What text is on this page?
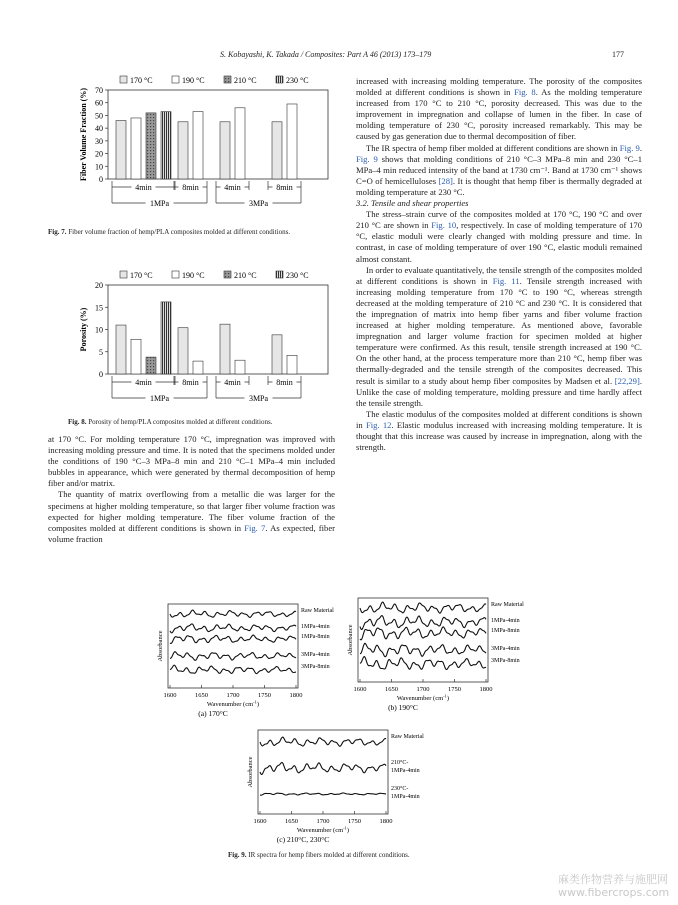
S. Kobayashi, K. Takada / Composites: Part A 46 (2013) 173–179	177
0
10
20
30
40
50
60
70
Fiber Volume Fraction (%)
170 °C	190 °C	210 °C	230 °C
4min	8min	4min	8min
1MPa	3MPa
Fig. 7. Fiber volume fraction of hemp/PLA composites molded at different conditions.
0
5
10
15
20
Porosity (%)
170 °C	190 °C	210 °C	230 °C
4min	8min	4min	8min
1MPa	3MPa
Fig. 8. Porosity of hemp/PLA composites molded at different conditions.

at 170 °C. For molding temperature 170 °C, impregnation was improved with increasing molding pressure and time. It is noted that the specimens molded under the conditions of 190 °C–3 MPa–8 min and 210 °C–1 MPa–4 min included bubbles in appearance, which were generated by thermal decomposition of hemp fiber and/or matrix.

The quantity of matrix overflowing from a metallic die was larger for the specimens at higher molding temperature, so that larger fiber volume fraction was expected for higher molding temperature. The fiber volume fraction of the composites molded at different conditions is shown in Fig. 7. As expected, fiber volume fraction

increased with increasing molding temperature. The porosity of the composites molded at different conditions is shown in Fig. 8. As the molding temperature increased from 170 °C to 210 °C, porosity decreased. This was due to the improvement in impregnation and collapse of lumen in the fiber. In case of molding temperature of 230 °C, porosity increased remarkably. This may be caused by gas generation due to thermal decomposition of fiber.

The IR spectra of hemp fiber molded at different conditions are shown in Fig. 9. Fig. 9 shows that molding conditions of 210 °C–3 MPa–8 min and 230 °C–1 MPa–4 min reduced intensity of the band at 1730 cm⁻¹. Band at 1730 cm⁻¹ shows C=O of hemicelluloses [28]. It is thought that hemp fiber is thermally degraded at molding temperature at 230 °C.

3.2. Tensile and shear properties

The stress–strain curve of the composites molded at 170 °C, 190 °C and over 210 °C are shown in Fig. 10, respectively. In case of molding temperature of 170 °C, elastic moduli were clearly changed with molding pressure and time. In contrast, in case of molding temperature of over 190 °C, elastic moduli remained almost constant.

In order to evaluate quantitatively, the tensile strength of the composites molded at different conditions is shown in Fig. 11. Tensile strength increased with increasing molding temperature from 170 °C to 190 °C, whereas strength decreased at the molding temperature of 210 °C and 230 °C. It is considered that the impregnation of matrix into hemp fiber yarns and fiber volume fraction increased at higher molding temperature. As mentioned above, favorable impregnation and larger volume fraction for specimen molded at higher temperature were confirmed. As this result, tensile strength increased at 190 °C. On the other hand, at the process temperature more than 210 °C, hemp fiber was thermally-degraded and the tensile strength of the composites decreased. This result is similar to a study about hemp fiber composites by Madsen et al. [22,29]. Unlike the case of molding temperature, molding pressure and time hardly affect the tensile strength.

The elastic modulus of the composites molded at different conditions is shown in Fig. 12. Elastic modulus increased with increasing molding temperature. It is thought that this increase was caused by increase in impregnation, along with the strength.

1600	1650	1700	1750	1800
Wavenumber $(cm^{-1})$
Absorbance
(a) 170°C
Raw Material
1MPa-4min
1MPa-8min
3MPa-4min
3MPa-8min
1600	1650	1700	1750	1800
Wavenumber $(cm^{-1})$
Absorbance
(b) 190°C
Raw Material
1MPa-4min
1MPa-8min
3MPa-4min
3MPa-8min
1600	1650	1700	1750	1800
Wavenumber $(cm^{-1})$
Absorbance
(c) 210°C, 230°C
Raw Material
210°C-
1MPa-4min
230°C-
1MPa-4min
Fig. 9. IR spectra for hemp fibers molded at different conditions.
麻类作物营养与施肥网
www.fibercrops.com
